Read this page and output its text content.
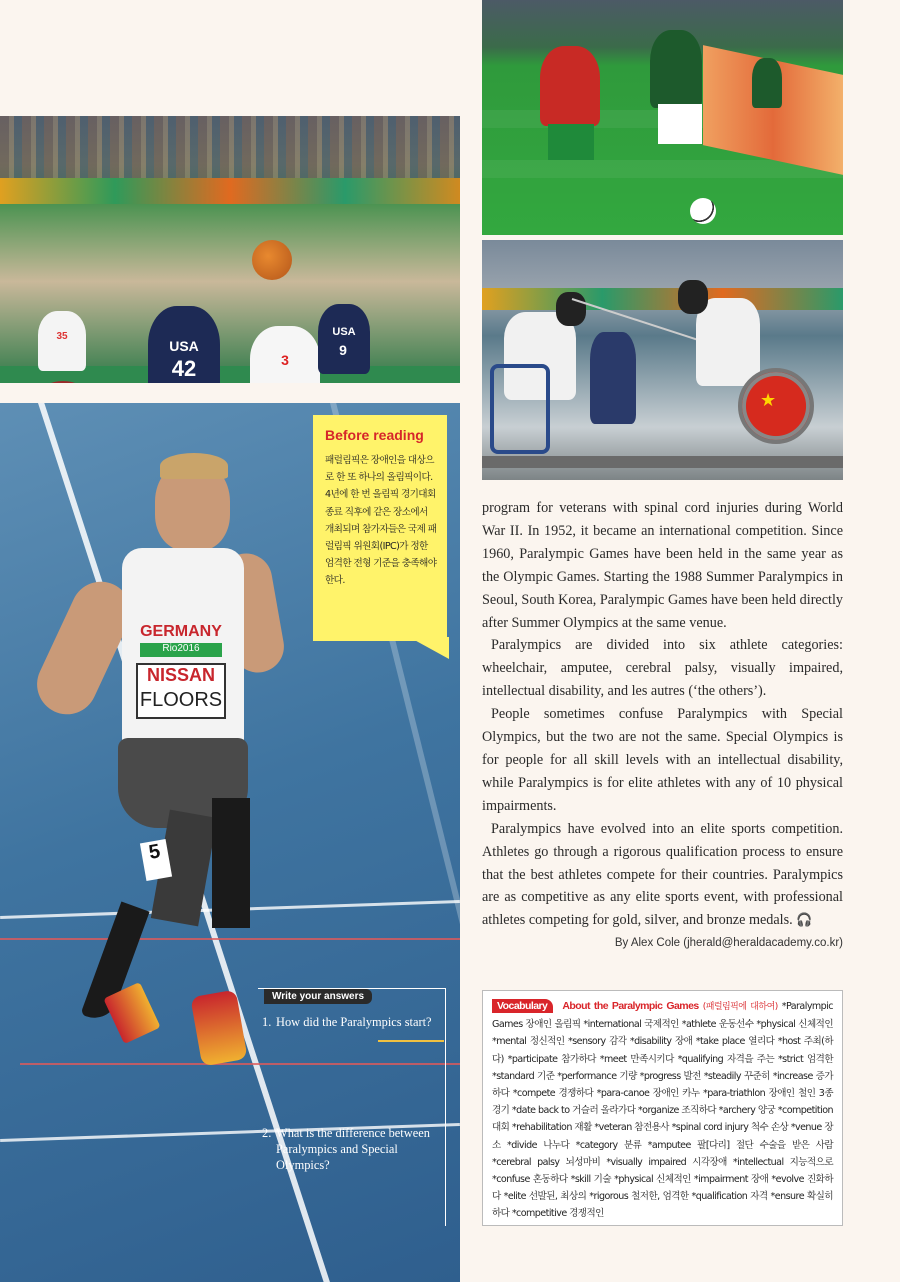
35
USA
42	3
USA
9
★
GERMANY
Rio2016
NISSAN
FLOORS
5
Before reading

패럴림픽은 장애인을 대상으로 한 또 하나의 올림픽이다. 4년에 한 번 올림픽 경기대회 종료 직후에 같은 장소에서 개최되며 참가자들은 국제 패럴림픽 위원회(IPC)가 정한 엄격한 전형 기준을 충족해야 한다.

Write your answers
1. How did the Paralympics start?
2. What is the difference between Paralympics and Special Olympics?

program for veterans with spinal cord injuries during World War II. In 1952, it became an international competition. Since 1960, Paralympic Games have been held in the same year as the Olympic Games. Starting the 1988 Summer Paralympics in Seoul, South Korea, Paralympic Games have been held directly after Summer Olympics at the same venue.

Paralympics are divided into six athlete categories: wheelchair, amputee, cerebral palsy, visually impaired, intellectual disability, and les autres (‘the others’).

People sometimes confuse Paralympics with Special Olympics, but the two are not the same. Special Olympics is for people for all skill levels with an intellectual disability, while Paralympics is for elite athletes with any of 10 physical impairments.

Paralympics have evolved into an elite sports competition. Athletes go through a rigorous qualification process to ensure that the best athletes compete for their countries. Paralympics are as competitive as any elite sports event, with professional athletes competing for gold, silver, and bronze medals. 🎧

By Alex Cole (jherald@heraldacademy.co.kr)
Vocabulary About the Paralympic Games (패럴림픽에 대하여) *Paralympic Games 장애인 올림픽 *international 국제적인 *athlete 운동선수 *physical 신체적인 *mental 정신적인 *sensory 감각 *disability 장애 *take place 열리다 *host 주최(하다) *participate 참가하다 *meet 만족시키다 *qualifying 자격을 주는 *strict 엄격한 *standard 기준 *performance 기량 *progress 발전 *steadily 꾸준히 *increase 증가하다 *compete 경쟁하다 *para-canoe 장애인 카누 *para-triathlon 장애인 철인 3종 경기 *date back to 거슬러 올라가다 *organize 조직하다 *archery 양궁 *competition 대회 *rehabilitation 재활 *veteran 참전용사 *spinal cord injury 척수 손상 *venue 장소 *divide 나누다 *category 분류 *amputee 팔[다리] 절단 수술을 받은 사람 *cerebral palsy 뇌성마비 *visually impaired 시각장애 *intellectual 지능적으로 *confuse 혼동하다 *skill 기술 *physical 신체적인 *impairment 장애 *evolve 진화하다 *elite 선발된, 최상의 *rigorous 철저한, 엄격한 *qualification 자격 *ensure 확실히 하다 *competitive 경쟁적인
